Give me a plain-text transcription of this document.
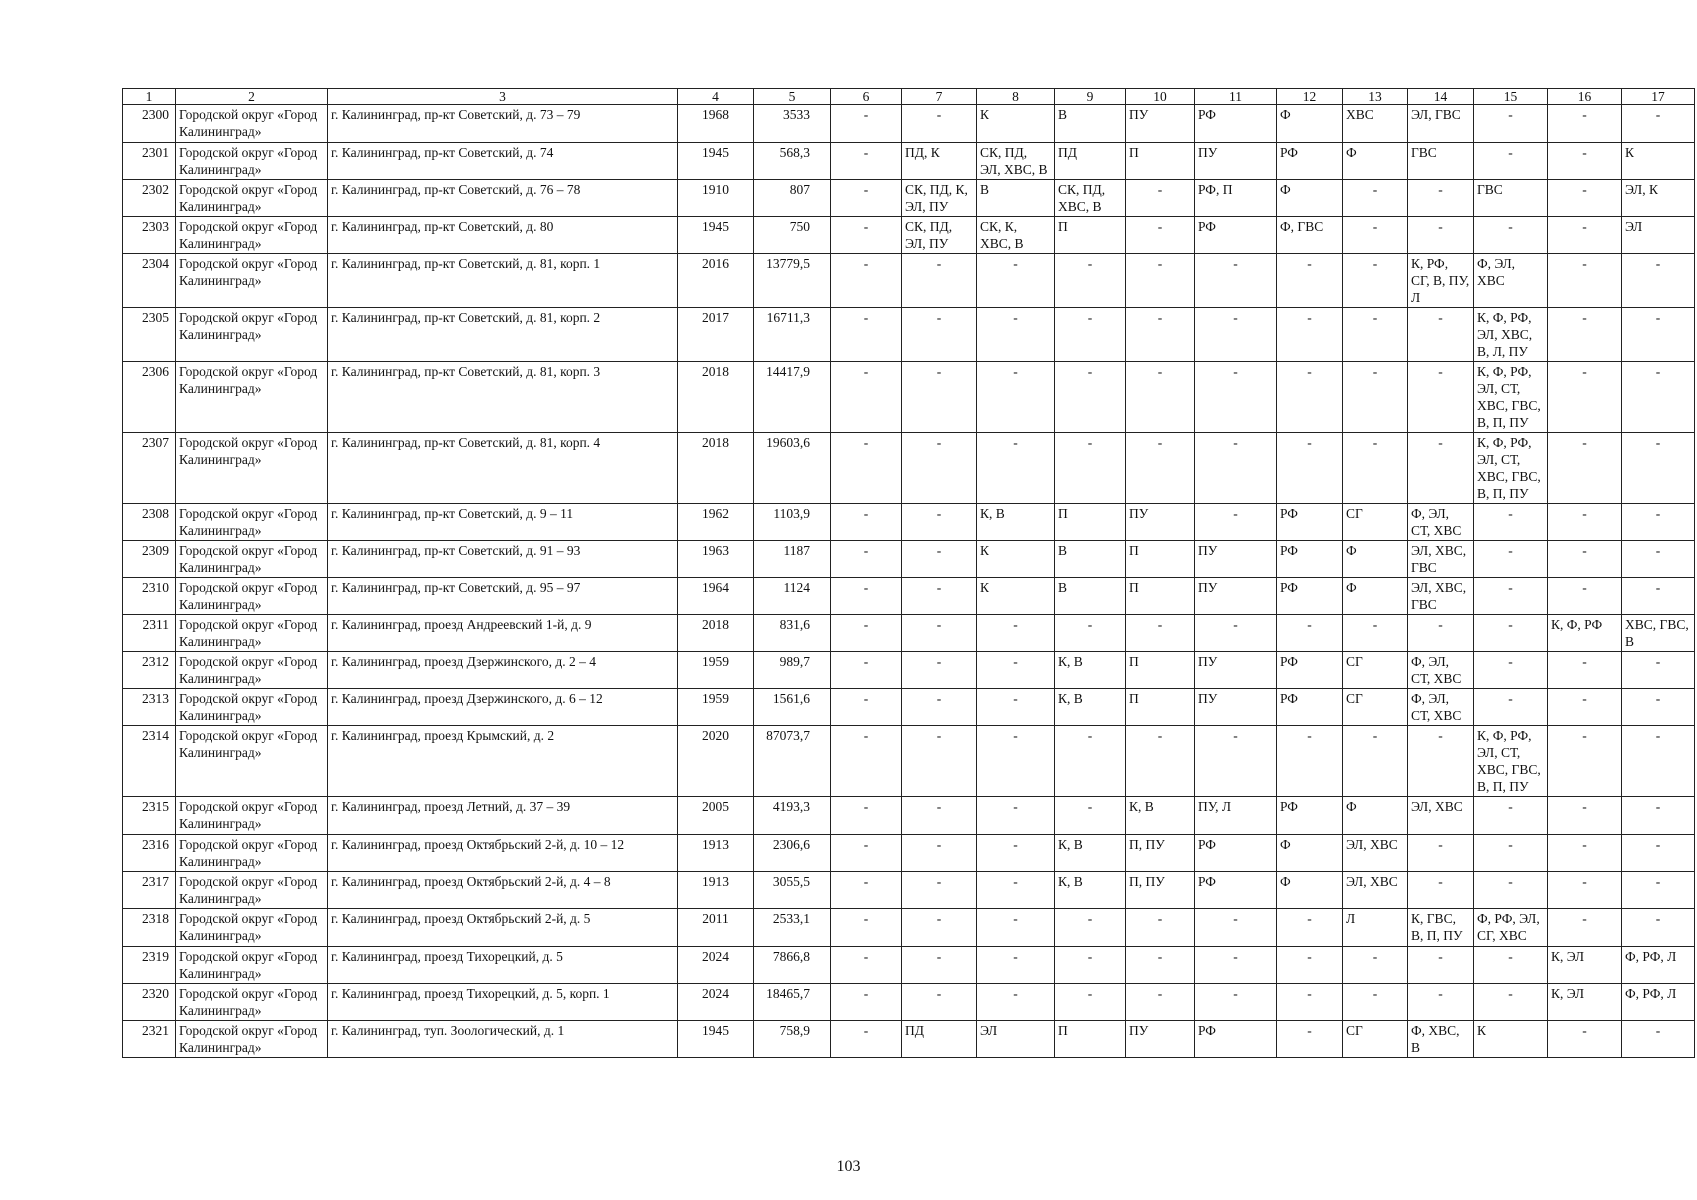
1	2	3	4	5	6	7	8	9	10	11	12	13	14	15	16	17
2300	Городской округ «Город Калининград»	г. Калининград, пр-кт Советский, д. 73 – 79	1968	3533	-	-	К	В	ПУ	РФ	Ф	ХВС	ЭЛ, ГВС	-	-	-
2301	Городской округ «Город Калининград»	г. Калининград, пр-кт Советский, д. 74	1945	568,3	-	ПД, К	СК, ПД, ЭЛ, ХВС, В	ПД	П	ПУ	РФ	Ф	ГВС	-	-	К
2302	Городской округ «Город Калининград»	г. Калининград, пр-кт Советский, д. 76 – 78	1910	807	-	СК, ПД, К, ЭЛ, ПУ	В	СК, ПД, ХВС, В	-	РФ, П	Ф	-	-	ГВС	-	ЭЛ, К
2303	Городской округ «Город Калининград»	г. Калининград, пр-кт Советский, д. 80	1945	750	-	СК, ПД, ЭЛ, ПУ	СК, К, ХВС, В	П	-	РФ	Ф, ГВС	-	-	-	-	ЭЛ
2304	Городской округ «Город Калининград»	г. Калининград, пр-кт Советский, д. 81, корп. 1	2016	13779,5	-	-	-	-	-	-	-	-	К, РФ, СГ, В, ПУ, Л	Ф, ЭЛ, ХВС	-	-
2305	Городской округ «Город Калининград»	г. Калининград, пр-кт Советский, д. 81, корп. 2	2017	16711,3	-	-	-	-	-	-	-	-	-	К, Ф, РФ, ЭЛ, ХВС, В, Л, ПУ	-	-
2306	Городской округ «Город Калининград»	г. Калининград, пр-кт Советский, д. 81, корп. 3	2018	14417,9	-	-	-	-	-	-	-	-	-	К, Ф, РФ, ЭЛ, СТ, ХВС, ГВС, В, П, ПУ	-	-
2307	Городской округ «Город Калининград»	г. Калининград, пр-кт Советский, д. 81, корп. 4	2018	19603,6	-	-	-	-	-	-	-	-	-	К, Ф, РФ, ЭЛ, СТ, ХВС, ГВС, В, П, ПУ	-	-
2308	Городской округ «Город Калининград»	г. Калининград, пр-кт Советский, д. 9 – 11	1962	1103,9	-	-	К, В	П	ПУ	-	РФ	СГ	Ф, ЭЛ, СТ, ХВС	-	-	-
2309	Городской округ «Город Калининград»	г. Калининград, пр-кт Советский, д. 91 – 93	1963	1187	-	-	К	В	П	ПУ	РФ	Ф	ЭЛ, ХВС, ГВС	-	-	-
2310	Городской округ «Город Калининград»	г. Калининград, пр-кт Советский, д. 95 – 97	1964	1124	-	-	К	В	П	ПУ	РФ	Ф	ЭЛ, ХВС, ГВС	-	-	-
2311	Городской округ «Город Калининград»	г. Калининград, проезд Андреевский 1-й, д. 9	2018	831,6	-	-	-	-	-	-	-	-	-	-	К, Ф, РФ	ХВС, ГВС, В
2312	Городской округ «Город Калининград»	г. Калининград, проезд Дзержинского, д. 2 – 4	1959	989,7	-	-	-	К, В	П	ПУ	РФ	СГ	Ф, ЭЛ, СТ, ХВС	-	-	-
2313	Городской округ «Город Калининград»	г. Калининград, проезд Дзержинского, д. 6 – 12	1959	1561,6	-	-	-	К, В	П	ПУ	РФ	СГ	Ф, ЭЛ, СТ, ХВС	-	-	-
2314	Городской округ «Город Калининград»	г. Калининград, проезд Крымский, д. 2	2020	87073,7	-	-	-	-	-	-	-	-	-	К, Ф, РФ, ЭЛ, СТ, ХВС, ГВС, В, П, ПУ	-	-
2315	Городской округ «Город Калининград»	г. Калининград, проезд Летний, д. 37 – 39	2005	4193,3	-	-	-	-	К, В	ПУ, Л	РФ	Ф	ЭЛ, ХВС	-	-	-
2316	Городской округ «Город Калининград»	г. Калининград, проезд Октябрьский 2-й, д. 10 – 12	1913	2306,6	-	-	-	К, В	П, ПУ	РФ	Ф	ЭЛ, ХВС	-	-	-	-
2317	Городской округ «Город Калининград»	г. Калининград, проезд Октябрьский 2-й, д. 4 – 8	1913	3055,5	-	-	-	К, В	П, ПУ	РФ	Ф	ЭЛ, ХВС	-	-	-	-
2318	Городской округ «Город Калининград»	г. Калининград, проезд Октябрьский 2-й, д. 5	2011	2533,1	-	-	-	-	-	-	-	Л	К, ГВС, В, П, ПУ	Ф, РФ, ЭЛ, СГ, ХВС	-	-
2319	Городской округ «Город Калининград»	г. Калининград, проезд Тихорецкий, д. 5	2024	7866,8	-	-	-	-	-	-	-	-	-	-	К, ЭЛ	Ф, РФ, Л
2320	Городской округ «Город Калининград»	г. Калининград, проезд Тихорецкий, д. 5, корп. 1	2024	18465,7	-	-	-	-	-	-	-	-	-	-	К, ЭЛ	Ф, РФ, Л
2321	Городской округ «Город Калининград»	г. Калининград, туп. Зоологический, д. 1	1945	758,9	-	ПД	ЭЛ	П	ПУ	РФ	-	СГ	Ф, ХВС, В	К	-	-
103
